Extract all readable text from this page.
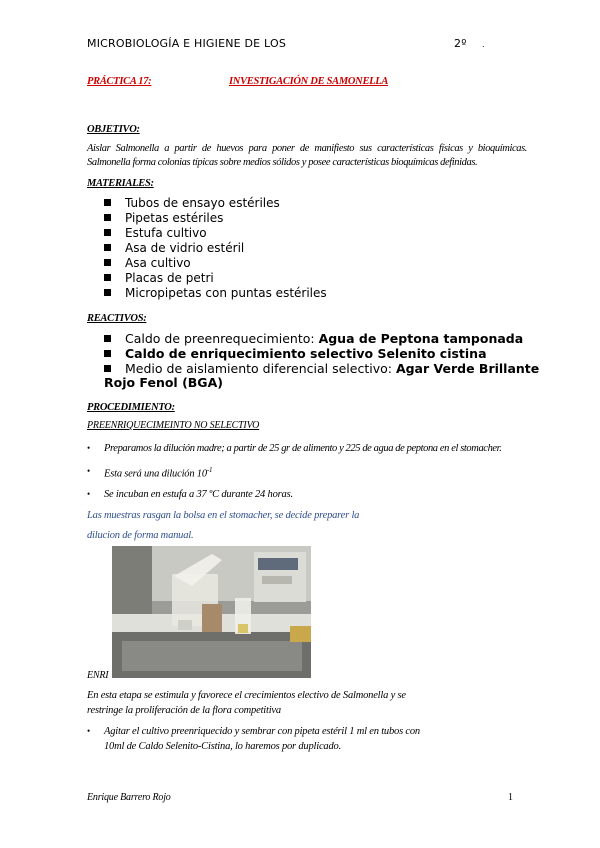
MICROBIOLOGÍA E HIGIENE DE LOS	2º .
PRÁCTICA 17:	INVESTIGACIÓN DE SAMONELLA
OBJETIVO:
Aislar Salmonella a partir de huevos para poner de manifiesto sus características físicas y bioquímicas.
Salmonella forma colonias típicas sobre medios sólidos y posee características bioquímicas definidas.
MATERIALES:
Tubos de ensayo estériles
Pipetas estériles
Estufa cultivo
Asa de vidrio estéril
Asa cultivo
Placas de petri
Micropipetas con puntas estériles
REACTIVOS:
Caldo de preenrequecimiento: Agua de Peptona tamponada
Caldo de enriquecimiento selectivo Selenito cistina
Medio de aislamiento diferencial selectivo: Agar Verde Brillante
Rojo Fenol (BGA)
PROCEDIMIENTO:
PREENRIQUECIMEINTO NO SELECTIVO
• Preparamos la dilución madre; a partir de 25 gr de alimento y 225 de agua de peptona en el stomacher.
• Esta será una dilución $10^{-1}$
• Se incuban en estufa a 37 ºC durante 24 horas.
Las muestras rasgan la bolsa en el stomacher, se decide preparer la
dilucion de forma manual.
ENRI
En esta etapa se estimula y favorece el crecimientos electivo de Salmonella y se
restringe la proliferación de la flora competitiva
• Agitar el cultivo preenriquecido y sembrar con pipeta estéril 1 ml en tubos con
10ml de Caldo Selenito-Cistina, lo haremos por duplicado.
Enrique Barrero Rojo	1
